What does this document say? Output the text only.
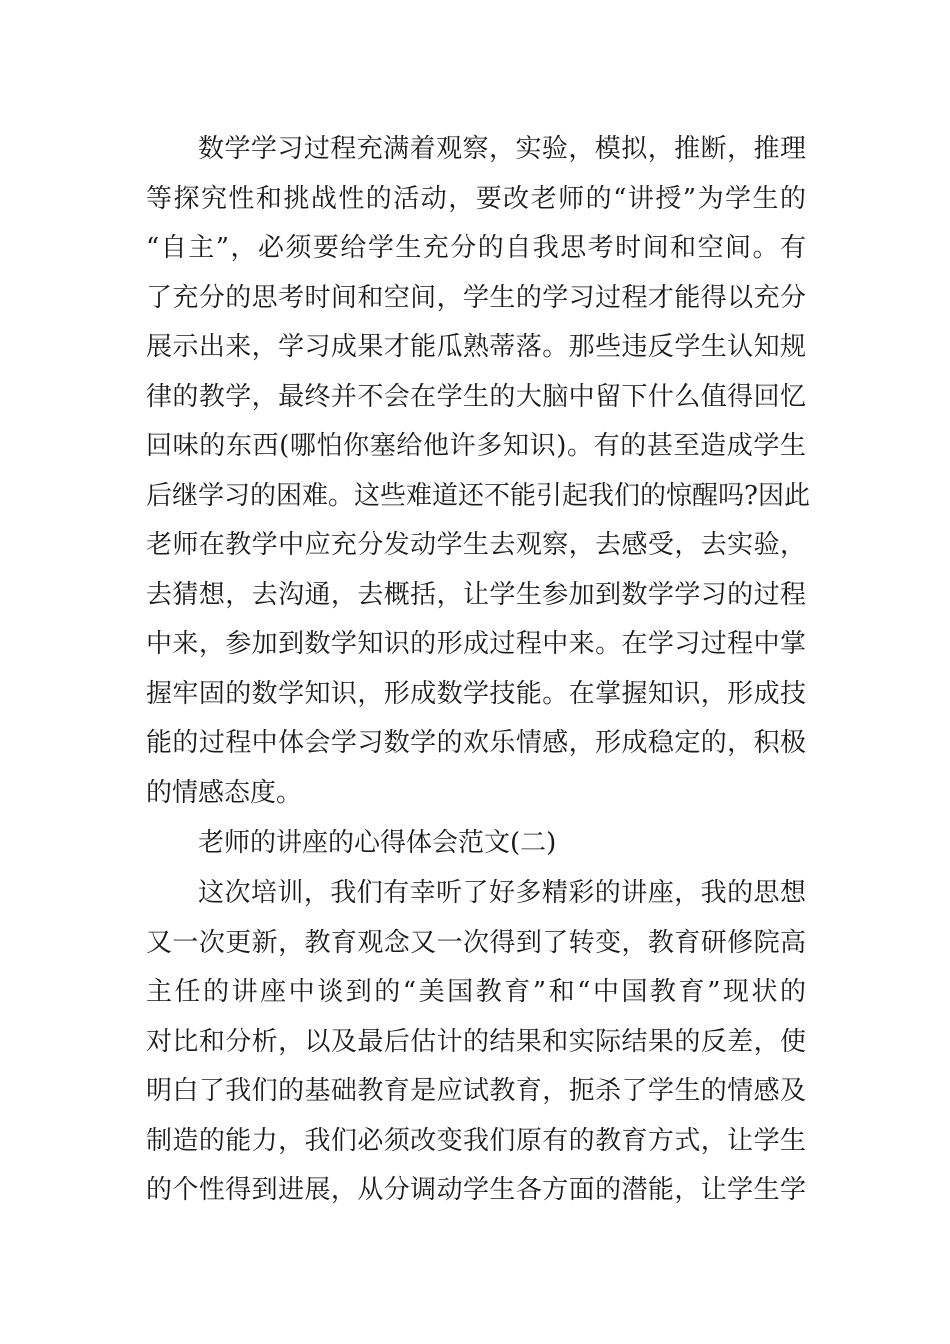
数学学习过程充满着观察，实验，模拟，推断，推理
等探究性和挑战性的活动，要改老师的“讲授”为学生的
“自主”，必须要给学生充分的自我思考时间和空间。有
了充分的思考时间和空间，学生的学习过程才能得以充分
展示出来，学习成果才能瓜熟蒂落。那些违反学生认知规
律的教学，最终并不会在学生的大脑中留下什么值得回忆
回味的东西(哪怕你塞给他许多知识)。有的甚至造成学生
后继学习的困难。这些难道还不能引起我们的惊醒吗?因此
老师在教学中应充分发动学生去观察，去感受，去实验，
去猜想，去沟通，去概括，让学生参加到数学学习的过程
中来，参加到数学知识的形成过程中来。在学习过程中掌
握牢固的数学知识，形成数学技能。在掌握知识，形成技
能的过程中体会学习数学的欢乐情感，形成稳定的，积极
的情感态度。
老师的讲座的心得体会范文(二)
这次培训，我们有幸听了好多精彩的讲座，我的思想
又一次更新，教育观念又一次得到了转变，教育研修院高
主任的讲座中谈到的“美国教育”和“中国教育”现状的
对比和分析，以及最后估计的结果和实际结果的反差，使
明白了我们的基础教育是应试教育，扼杀了学生的情感及
制造的能力，我们必须改变我们原有的教育方式，让学生
的个性得到进展，从分调动学生各方面的潜能，让学生学
